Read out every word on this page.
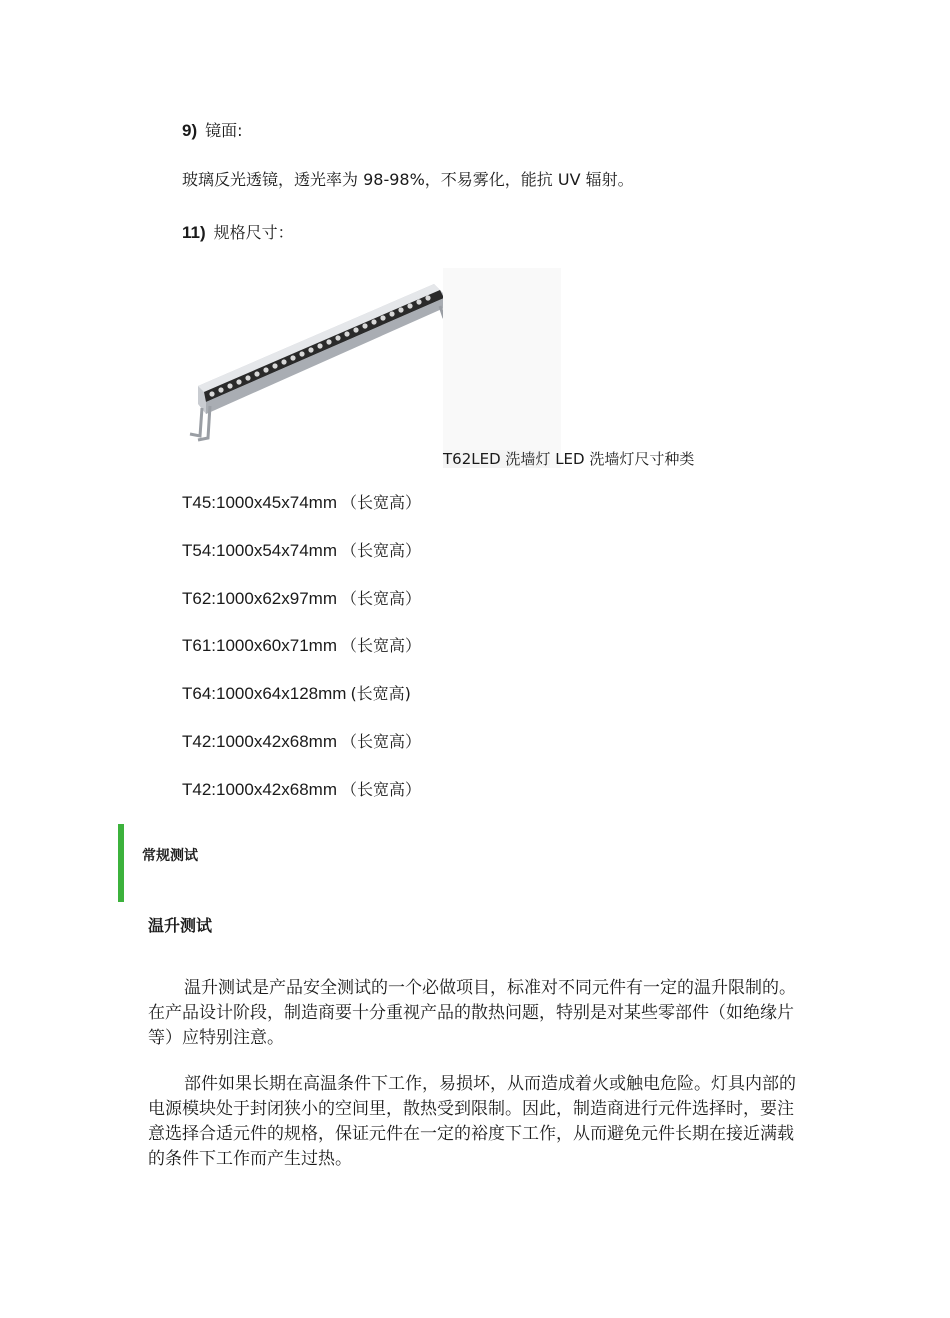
9) 镜面:
玻璃反光透镜，透光率为 98-98%，不易雾化，能抗 UV 辐射。
11) 规格尺寸：
T62LED 洗墙灯 LED 洗墙灯尺寸种类
T45:1000x45x74mm （长宽高）
T54:1000x54x74mm （长宽高）
T62:1000x62x97mm （长宽高）
T61:1000x60x71mm （长宽高）
T64:1000x64x128mm (长宽高)
T42:1000x42x68mm （长宽高）
T42:1000x42x68mm （长宽高）
常规测试
温升测试
温升测试是产品安全测试的一个必做项目，标准对不同元件有一定的温升限制的。在产品设计阶段，制造商要十分重视产品的散热问题，特别是对某些零部件（如绝缘片等）应特别注意。
部件如果长期在高温条件下工作，易损坏，从而造成着火或触电危险。灯具内部的电源模块处于封闭狭小的空间里，散热受到限制。因此，制造商进行元件选择时，要注意选择合适元件的规格，保证元件在一定的裕度下工作，从而避免元件长期在接近满载的条件下工作而产生过热。
